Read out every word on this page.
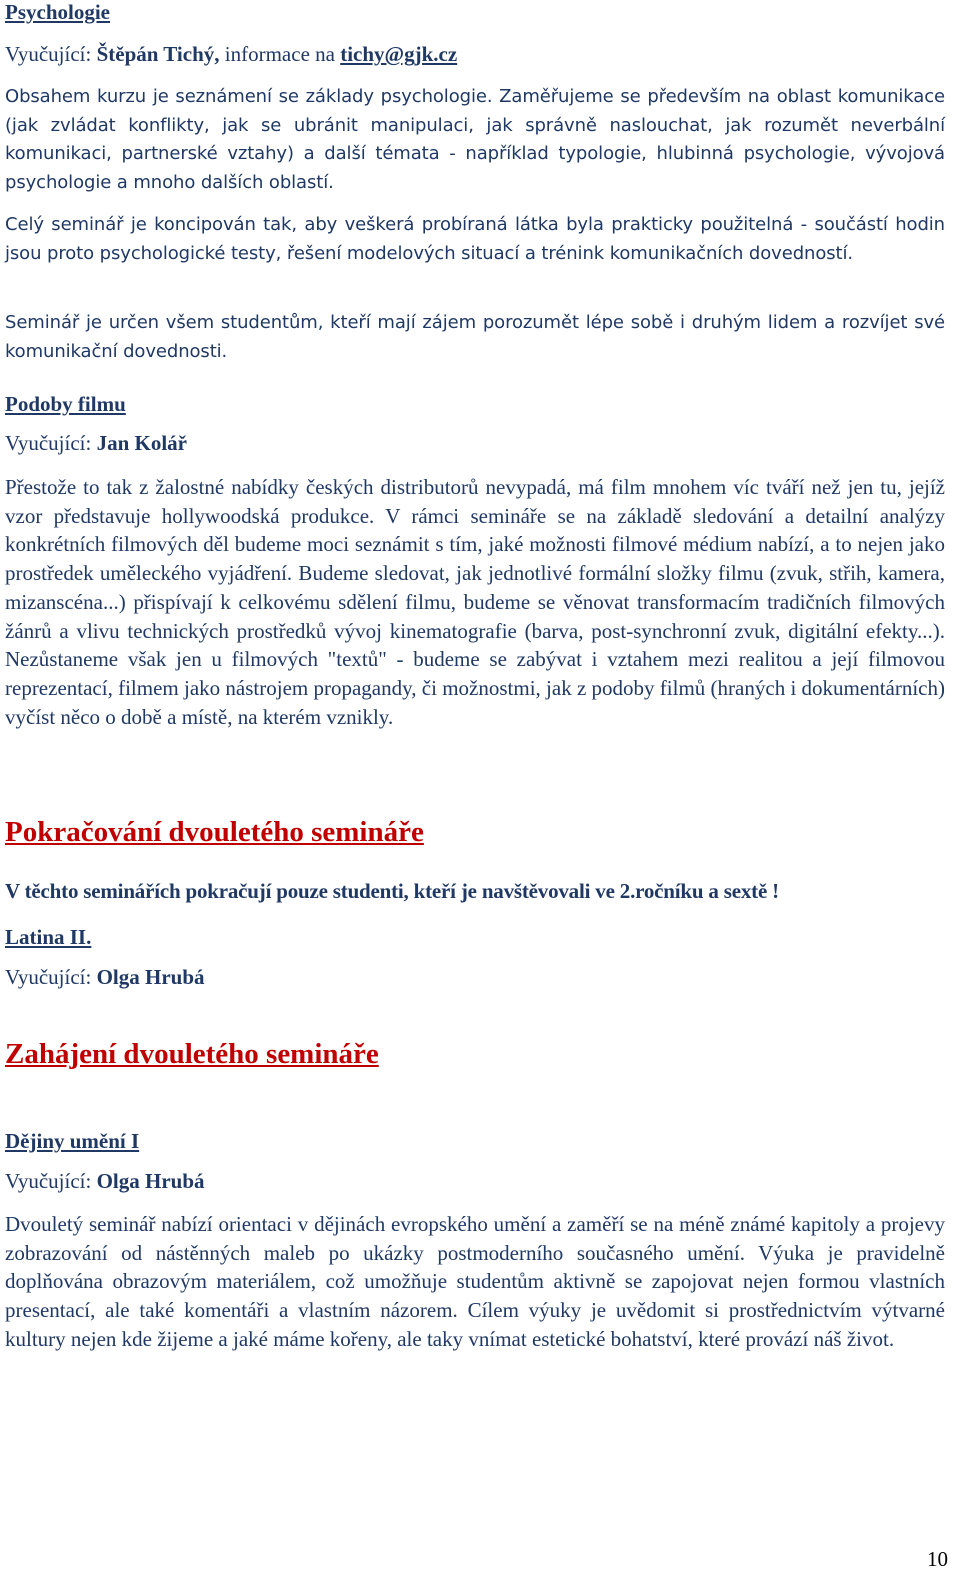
Psychologie
Vyučující: Štěpán Tichý, informace na tichy@gjk.cz

Obsahem kurzu je seznámení se základy psychologie. Zaměřujeme se především na oblast komunikace (jak zvládat konflikty, jak se ubránit manipulaci, jak správně naslouchat, jak rozumět neverbální komunikaci, partnerské vztahy) a další témata - například typologie, hlubinná psychologie, vývojová psychologie a mnoho dalších oblastí.

Celý seminář je koncipován tak, aby veškerá probíraná látka byla prakticky použitelná - součástí hodin jsou proto psychologické testy, řešení modelových situací a trénink komunikačních dovedností.

Seminář je určen všem studentům, kteří mají zájem porozumět lépe sobě i druhým lidem a rozvíjet své komunikační dovednosti.

Podoby filmu
Vyučující: Jan Kolář

Přestože to tak z žalostné nabídky českých distributorů nevypadá, má film mnohem víc tváří než jen tu, jejíž vzor představuje hollywoodská produkce. V rámci semináře se na základě sledování a detailní analýzy konkrétních filmových děl budeme moci seznámit s tím, jaké možnosti filmové médium nabízí, a to nejen jako prostředek uměleckého vyjádření. Budeme sledovat, jak jednotlivé formální složky filmu (zvuk, střih, kamera, mizanscéna...) přispívají k celkovému sdělení filmu, budeme se věnovat transformacím tradičních filmových žánrů a vlivu technických prostředků vývoj kinematografie (barva, post-synchronní zvuk, digitální efekty...). Nezůstaneme však jen u filmových "textů" - budeme se zabývat i vztahem mezi realitou a její filmovou reprezentací, filmem jako nástrojem propagandy, či možnostmi, jak z podoby filmů (hraných i dokumentárních) vyčíst něco o době a místě, na kterém vznikly.

Pokračování dvouletého semináře
V těchto seminářích pokračují pouze studenti, kteří je navštěvovali ve 2.ročníku a sextě !
Latina II.
Vyučující: Olga Hrubá
Zahájení dvouletého semináře
Dějiny umění I
Vyučující: Olga Hrubá

Dvouletý seminář nabízí orientaci v dějinách evropského umění a zaměří se na méně známé kapitoly a projevy zobrazování od nástěnných maleb po ukázky postmoderního současného umění. Výuka je pravidelně doplňována obrazovým materiálem, což umožňuje studentům aktivně se zapojovat nejen formou vlastních presentací, ale také komentáři a vlastním názorem. Cílem výuky je uvědomit si prostřednictvím výtvarné kultury nejen kde žijeme a jaké máme kořeny, ale taky vnímat estetické bohatství, které provází náš život.

10
